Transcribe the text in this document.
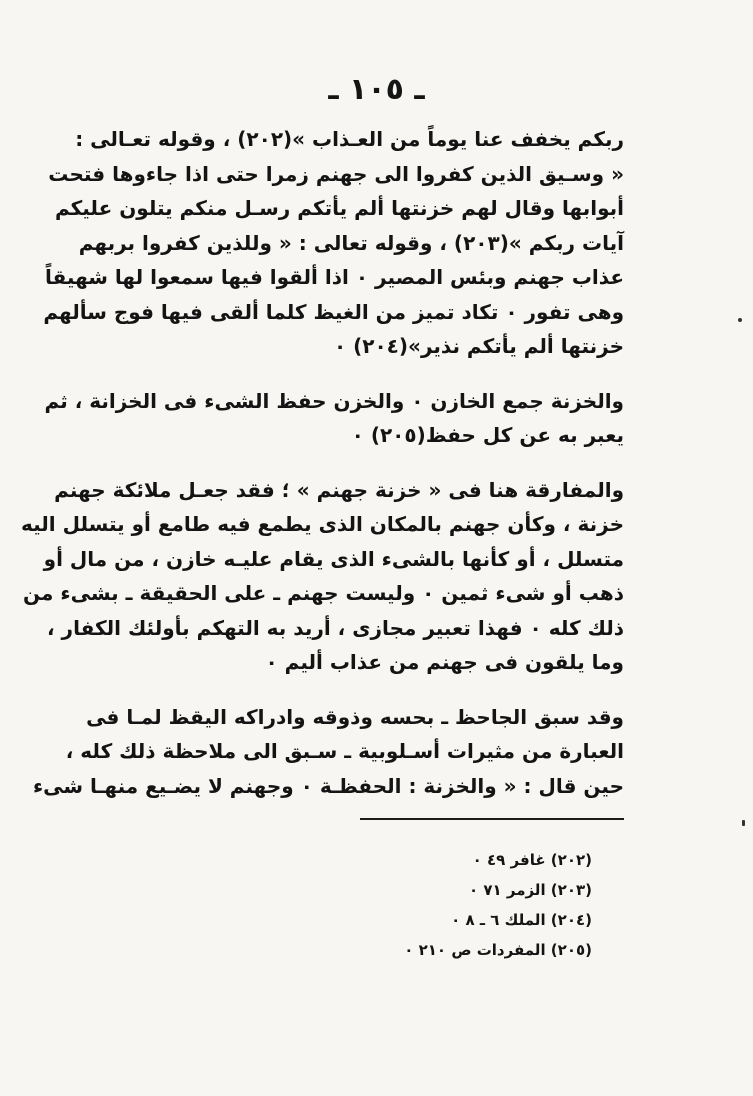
ـ ١٠٥ ـ

ربكم يخفف عنا يوماً من العـذاب »(٢٠٢) ، وقوله تعـالى :

« وسـيق الذين كفروا الى جهنم زمرا حتى اذا جاءوها فتحت

أبوابها وقال لهم خزنتها ألم يأتكم رسـل منكم يتلون عليكم

آيات ربكم »(٢٠٣) ، وقوله تعالى : « وللذين كفروا بربهم

عذاب جهنم وبئس المصير ٠ اذا ألقوا فيها سمعوا لها شهيقاً

وهى تفور ٠ تكاد تميز من الغيظ كلما ألقى فيها فوج سألهم

خزنتها ألم يأتكم نذير»(٢٠٤) ٠

والخزنة جمع الخازن ٠ والخزن حفظ الشىء فى الخزانة ، ثم

يعبر به عن كل حفظ(٢٠٥) ٠

والمفارقة هنا فى « خزنة جهنم » ؛ فقد جعـل ملائكة جهنم

خزنة ، وكأن جهنم بالمكان الذى يطمع فيه طامع أو يتسلل اليه

متسلل ، أو كأنها بالشىء الذى يقام عليـه خازن ، من مال أو

ذهب أو شىء ثمين ٠ وليست جهنم ـ على الحقيقة ـ بشىء من

ذلك كله ٠ فهذا تعبير مجازى ، أريد به التهكم بأولئك الكفار ،

وما يلقون فى جهنم من عذاب أليم ٠

وقد سبق الجاحظ ـ بحسه وذوقه وادراكه اليقظ لمـا فى

العبارة من مثيرات أسـلوبية ـ سـبق الى ملاحظة ذلك كله ،

حين قال : « والخزنة : الحفظـة ٠ وجهنم لا يضـيع منهـا شىء

(٢٠٢) غافر ٤٩ ٠

(٢٠٣) الزمر ٧١ ٠

(٢٠٤) الملك ٦ ـ ٨ ٠

(٢٠٥) المفردات ص ٢١٠ ٠
